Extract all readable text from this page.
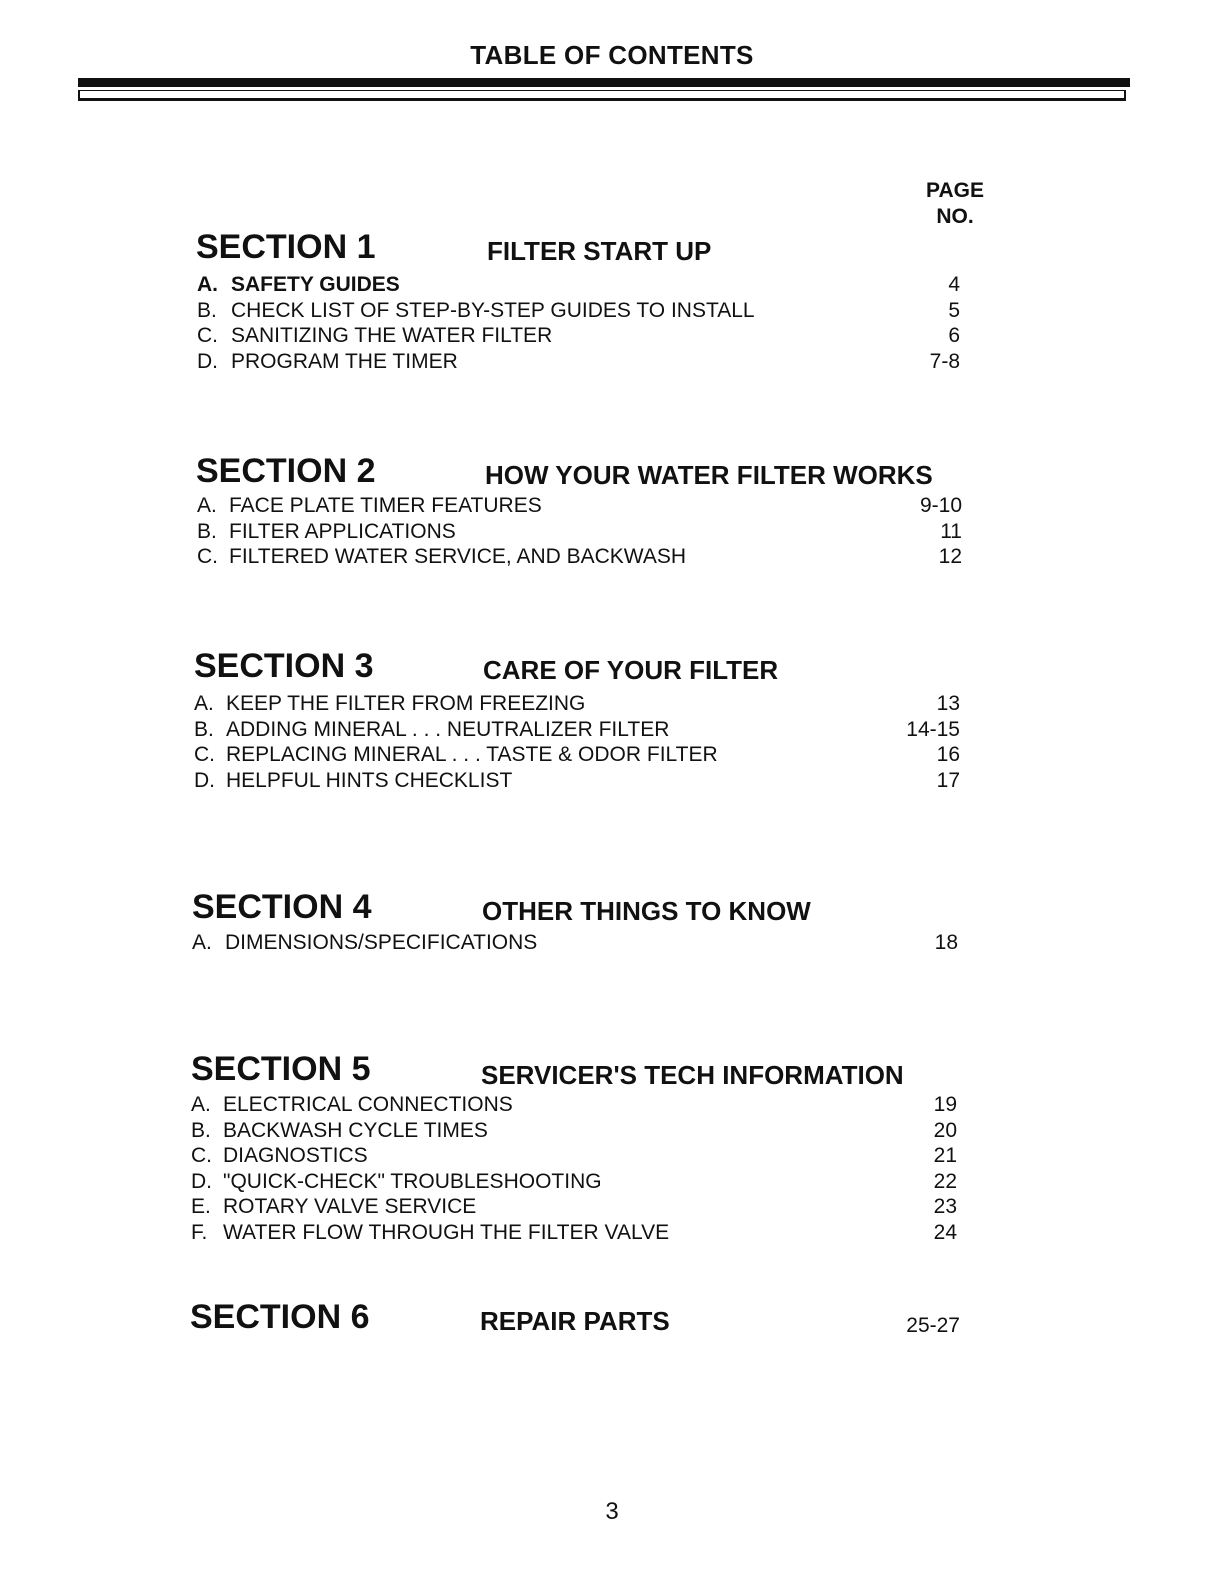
TABLE OF CONTENTS
PAGE
NO.
SECTION 1	FILTER START UP
A. SAFETY GUIDES	4
B. CHECK LIST OF STEP-BY-STEP GUIDES TO INSTALL	5
C. SANITIZING THE WATER FILTER	6
D. PROGRAM THE TIMER	7-8
SECTION 2	HOW YOUR WATER FILTER WORKS
A. FACE PLATE TIMER FEATURES	9-10
B. FILTER APPLICATIONS	11
C. FILTERED WATER SERVICE, AND BACKWASH	12
SECTION 3	CARE OF YOUR FILTER
A. KEEP THE FILTER FROM FREEZING	13
B. ADDING MINERAL . . . NEUTRALIZER FILTER	14-15
C. REPLACING MINERAL . . . TASTE & ODOR FILTER	16
D. HELPFUL HINTS CHECKLIST	17
SECTION 4	OTHER THINGS TO KNOW
A. DIMENSIONS/SPECIFICATIONS	18
SECTION 5	SERVICER'S TECH INFORMATION
A. ELECTRICAL CONNECTIONS	19
B. BACKWASH CYCLE TIMES	20
C. DIAGNOSTICS	21
D. "QUICK-CHECK" TROUBLESHOOTING	22
E. ROTARY VALVE SERVICE	23
F. WATER FLOW THROUGH THE FILTER VALVE	24
SECTION 6	REPAIR PARTS	25-27
3
